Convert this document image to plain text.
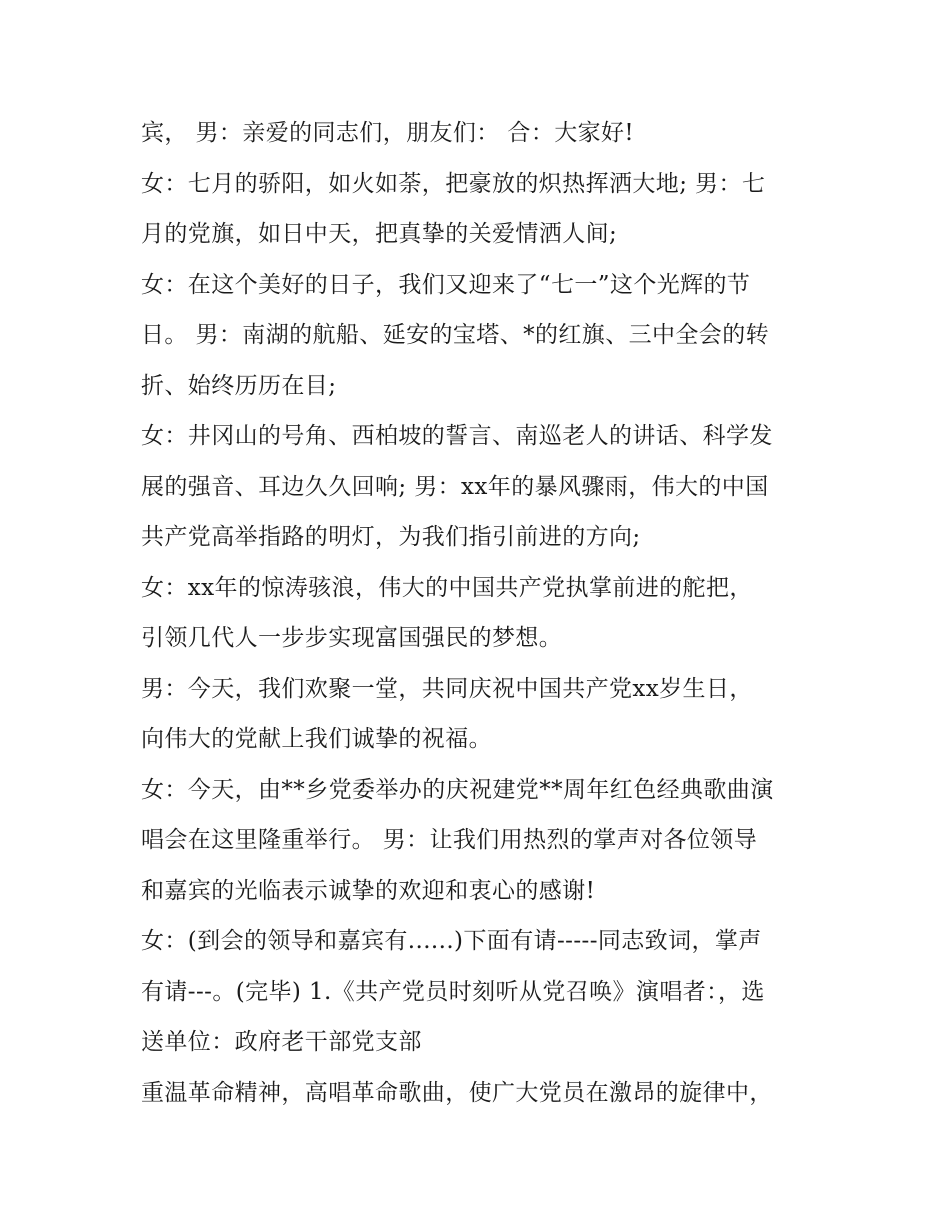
宾， 男：亲爱的同志们，朋友们： 合：大家好!
女：七月的骄阳，如火如荼，把豪放的炽热挥洒大地; 男：七
月的党旗，如日中天，把真挚的关爱情洒人间;
女：在这个美好的日子，我们又迎来了“七一”这个光辉的节
日。 男：南湖的航船、延安的宝塔、*的红旗、三中全会的转
折、始终历历在目;
女：井冈山的号角、西柏坡的誓言、南巡老人的讲话、科学发
展的强音、耳边久久回响; 男：xx年的暴风骤雨，伟大的中国
共产党高举指路的明灯，为我们指引前进的方向;
女：xx年的惊涛骇浪，伟大的中国共产党执掌前进的舵把，
引领几代人一步步实现富国强民的梦想。
男：今天，我们欢聚一堂，共同庆祝中国共产党xx岁生日，
向伟大的党献上我们诚挚的祝福。
女：今天，由**乡党委举办的庆祝建党**周年红色经典歌曲演
唱会在这里隆重举行。 男：让我们用热烈的掌声对各位领导
和嘉宾的光临表示诚挚的欢迎和衷心的感谢!
女：(到会的领导和嘉宾有......)下面有请-----同志致词，掌声
有请---。(完毕) 1.《共产党员时刻听从党召唤》演唱者：，选
送单位：政府老干部党支部
重温革命精神，高唱革命歌曲，使广大党员在激昂的旋律中，
